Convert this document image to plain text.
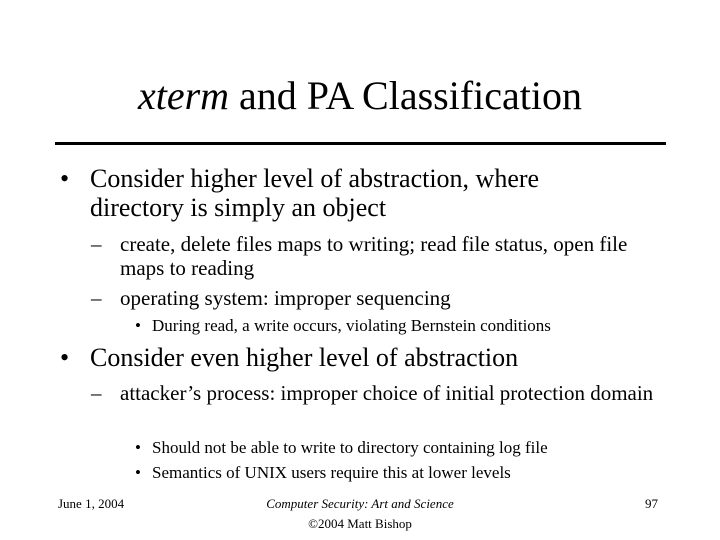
xterm and PA Classification
• Consider higher level of abstraction, where directory is simply an object
– create, delete files maps to writing; read file status, open file maps to reading
– operating system: improper sequencing
• During read, a write occurs, violating Bernstein conditions
• Consider even higher level of abstraction
– attacker’s process: improper choice of initial protection domain
• Should not be able to write to directory containing log file
• Semantics of UNIX users require this at lower levels
June 1, 2004	Computer Security: Art and Science
©2004 Matt Bishop
97
